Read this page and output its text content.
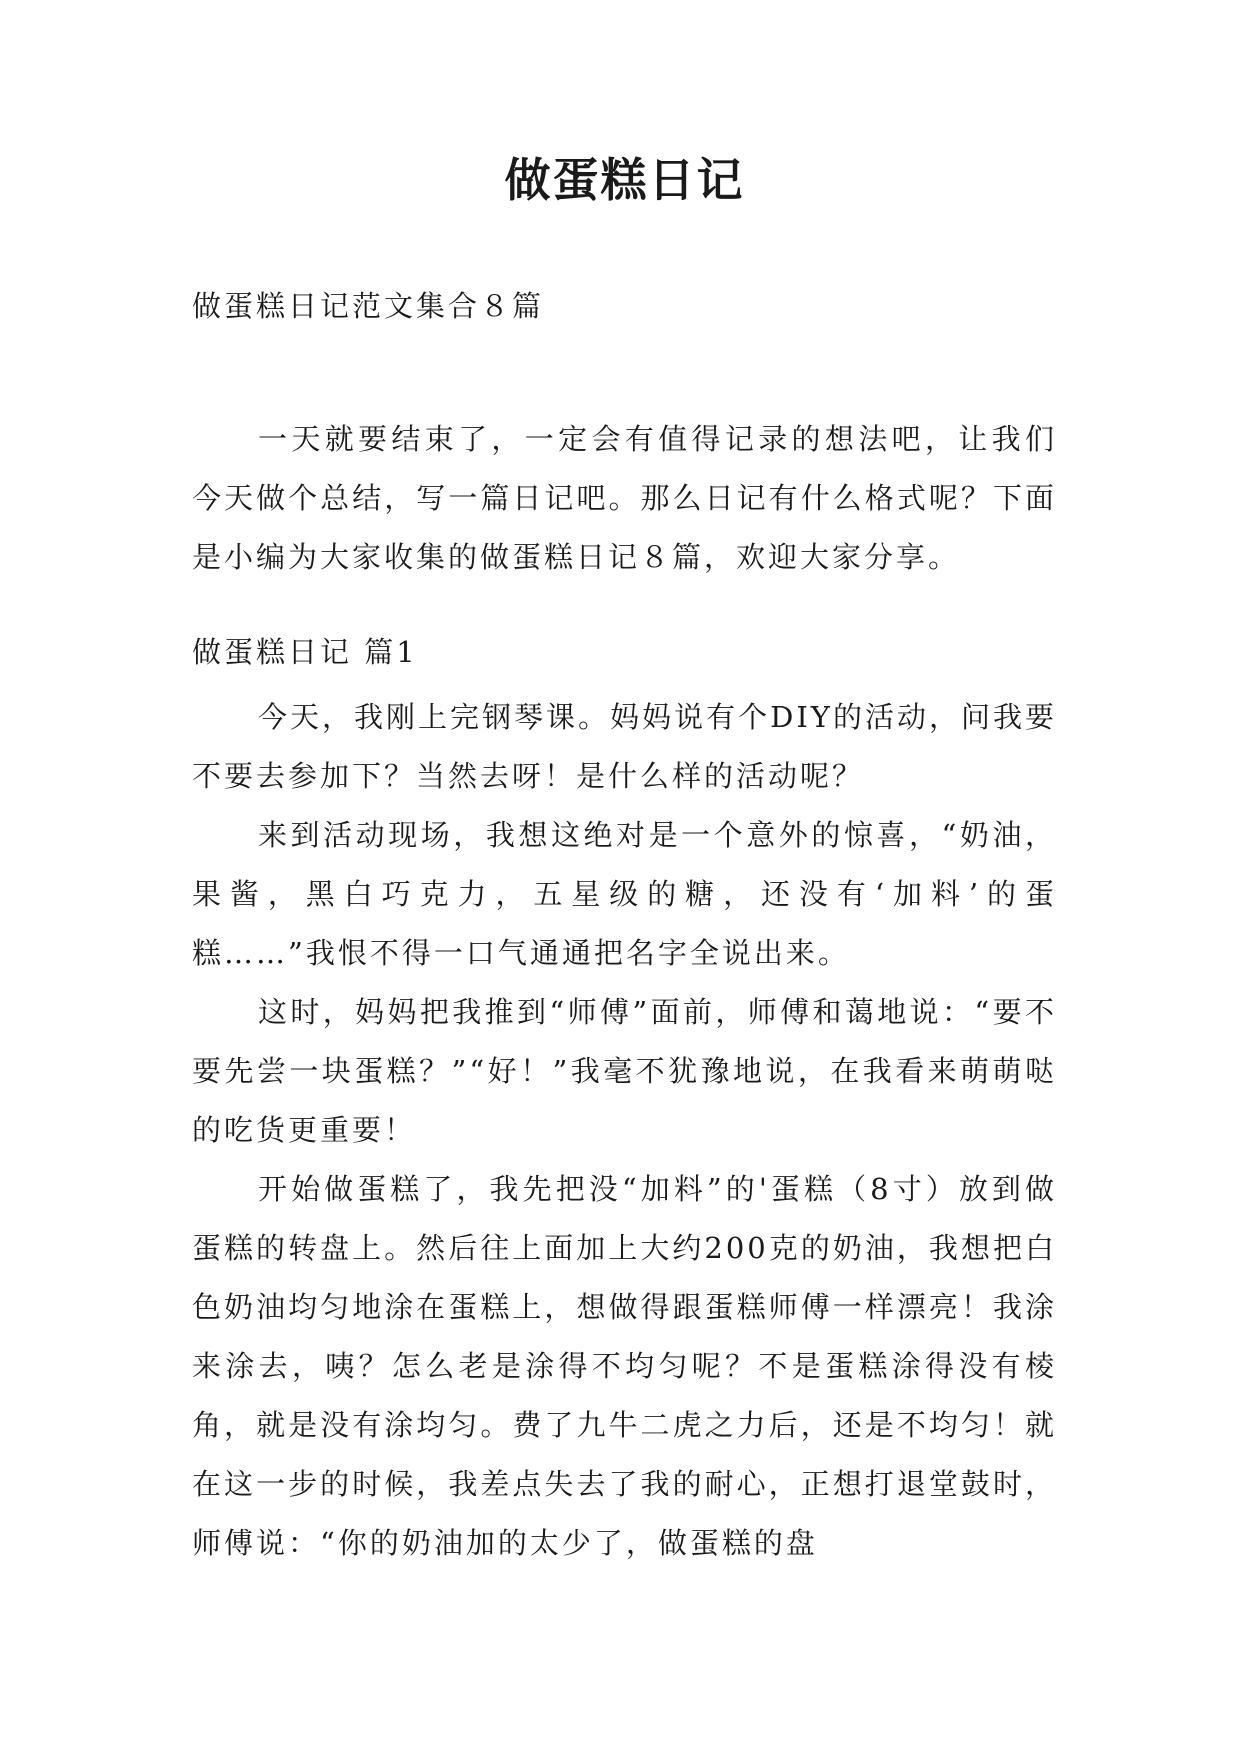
做蛋糕日记

做蛋糕日记范文集合８篇

一天就要结束了，一定会有值得记录的想法吧，让我们今天做个总结，写一篇日记吧。那么日记有什么格式呢？下面是小编为大家收集的做蛋糕日记８篇，欢迎大家分享。

做蛋糕日记 篇1

今天，我刚上完钢琴课。妈妈说有个DIY的活动，问我要不要去参加下？当然去呀！是什么样的活动呢？

来到活动现场，我想这绝对是一个意外的惊喜，“奶油，果酱，黑白巧克力，五星级的糖，还没有‘加料’的蛋糕……”我恨不得一口气通通把名字全说出来。

这时，妈妈把我推到“师傅”面前，师傅和蔼地说：“要不要先尝一块蛋糕？”“好！”我毫不犹豫地说，在我看来萌萌哒的吃货更重要！

开始做蛋糕了，我先把没“加料”的'蛋糕（8寸）放到做蛋糕的转盘上。然后往上面加上大约200克的奶油，我想把白色奶油均匀地涂在蛋糕上，想做得跟蛋糕师傅一样漂亮！我涂来涂去，咦？怎么老是涂得不均匀呢？不是蛋糕涂得没有棱角，就是没有涂均匀。费了九牛二虎之力后，还是不均匀！就在这一步的时候，我差点失去了我的耐心，正想打退堂鼓时，师傅说：“你的奶油加的太少了，做蛋糕的盘
